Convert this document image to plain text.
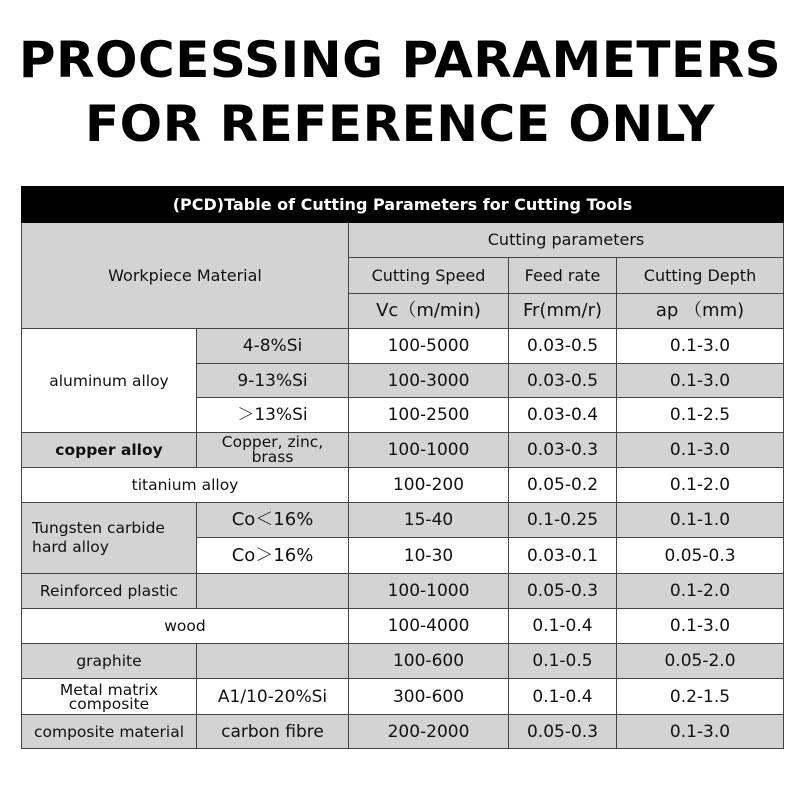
PROCESSING PARAMETERS
FOR REFERENCE ONLY
(PCD)Table of Cutting Parameters for Cutting Tools				
Workpiece Material		Cutting parameters		
		Cutting Speed	Feed rate	Cutting Depth
		Vc（m/min)	Fr(mm/r)	ap （mm)
aluminum alloy	4-8%Si	100-5000	0.03-0.5	0.1-3.0
	9-13%Si	100-3000	0.03-0.5	0.1-3.0
	＞13%Si	100-2500	0.03-0.4	0.1-2.5
copper alloy	Copper, zinc, brass	100-1000	0.03-0.3	0.1-3.0
titanium alloy		100-200	0.05-0.2	0.1-2.0
Tungsten carbide hard alloy	Co＜16%	15-40	0.1-0.25	0.1-1.0
	Co＞16%	10-30	0.03-0.1	0.05-0.3
Reinforced plastic		100-1000	0.05-0.3	0.1-2.0
wood		100-4000	0.1-0.4	0.1-3.0
graphite		100-600	0.1-0.5	0.05-2.0
Metal matrix composite	A1/10-20%Si	300-600	0.1-0.4	0.2-1.5
composite material	carbon fibre	200-2000	0.05-0.3	0.1-3.0
